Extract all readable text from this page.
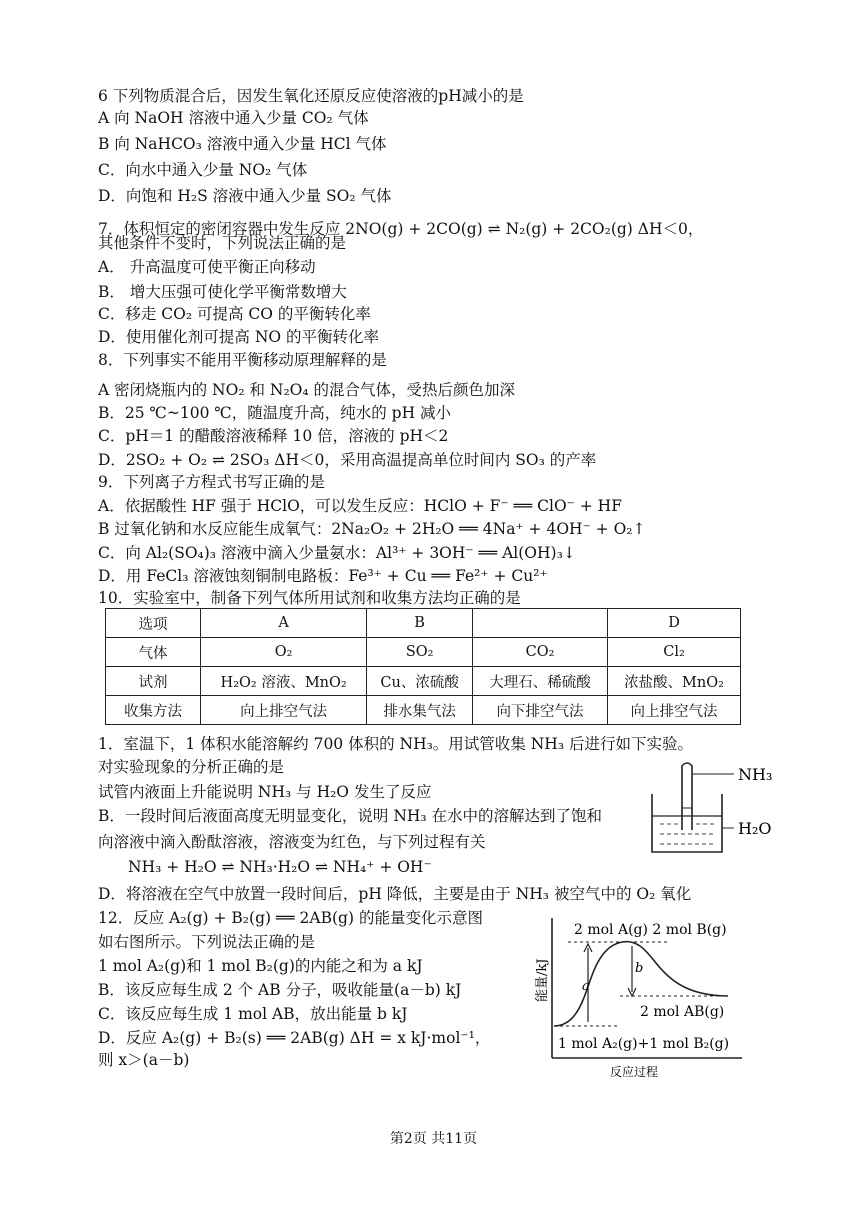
6 下列物质混合后，因发生氧化还原反应使溶液的pH减小的是
A 向 NaOH 溶液中通入少量 CO₂ 气体
B 向 NaHCO₃ 溶液中通入少量 HCl 气体
C．向水中通入少量 NO₂ 气体
D．向饱和 H₂S 溶液中通入少量 SO₂ 气体
7．体积恒定的密闭容器中发生反应 2NO(g) + 2CO(g) ⇌ N₂(g) + 2CO₂(g) ΔH＜0，
其他条件不变时，下列说法正确的是
A． 升高温度可使平衡正向移动
B． 增大压强可使化学平衡常数增大
C．移走 CO₂ 可提高 CO 的平衡转化率
D．使用催化剂可提高 NO 的平衡转化率
8．下列事实不能用平衡移动原理解释的是
A 密闭烧瓶内的 NO₂ 和 N₂O₄ 的混合气体，受热后颜色加深
B．25 ℃~100 ℃，随温度升高，纯水的 pH 减小
C．pH＝1 的醋酸溶液稀释 10 倍，溶液的 pH＜2
D．2SO₂ + O₂ ⇌ 2SO₃ ΔH＜0，采用高温提高单位时间内 SO₃ 的产率
9．下列离子方程式书写正确的是
A．依据酸性 HF 强于 HClO，可以发生反应：HClO + F⁻ ══ ClO⁻ + HF
B 过氧化钠和水反应能生成氧气：2Na₂O₂ + 2H₂O ══ 4Na⁺ + 4OH⁻ + O₂↑
C．向 Al₂(SO₄)₃ 溶液中滴入少量氨水：Al³⁺ + 3OH⁻ ══ Al(OH)₃↓
D．用 FeCl₃ 溶液蚀刻铜制电路板：Fe³⁺ + Cu ══ Fe²⁺ + Cu²⁺
10．实验室中，制备下列气体所用试剂和收集方法均正确的是
选项	A	B		D
气体	O₂	SO₂	CO₂	Cl₂
试剂	H₂O₂ 溶液、MnO₂	Cu、浓硫酸	大理石、稀硫酸	浓盐酸、MnO₂
收集方法	向上排空气法	排水集气法	向下排空气法	向上排空气法
1．室温下，1 体积水能溶解约 700 体积的 NH₃。用试管收集 NH₃ 后进行如下实验。
对实验现象的分析正确的是
试管内液面上升能说明 NH₃ 与 H₂O 发生了反应
B．一段时间后液面高度无明显变化，说明 NH₃ 在水中的溶解达到了饱和
向溶液中滴入酚酞溶液，溶液变为红色，与下列过程有关
NH₃ + H₂O ⇌ NH₃·H₂O ⇌ NH₄⁺ + OH⁻
D．将溶液在空气中放置一段时间后，pH 降低，主要是由于 NH₃ 被空气中的 O₂ 氧化
12．反应 A₂(g) + B₂(g) ══ 2AB(g) 的能量变化示意图
如右图所示。下列说法正确的是
1 mol A₂(g)和 1 mol B₂(g)的内能之和为 a kJ
B．该反应每生成 2 个 AB 分子，吸收能量(a－b) kJ
C．该反应每生成 1 mol AB，放出能量 b kJ
D．反应 A₂(g) + B₂(s) ══ 2AB(g) ΔH = x kJ·mol⁻¹，
则 x＞(a－b)
NH₃
H₂O
2 mol A(g) 2 mol B(g)
能量/kJ a
b
2 mol AB(g)
1 mol A₂(g)+1 mol B₂(g)
反应过程
第2页 共11页
